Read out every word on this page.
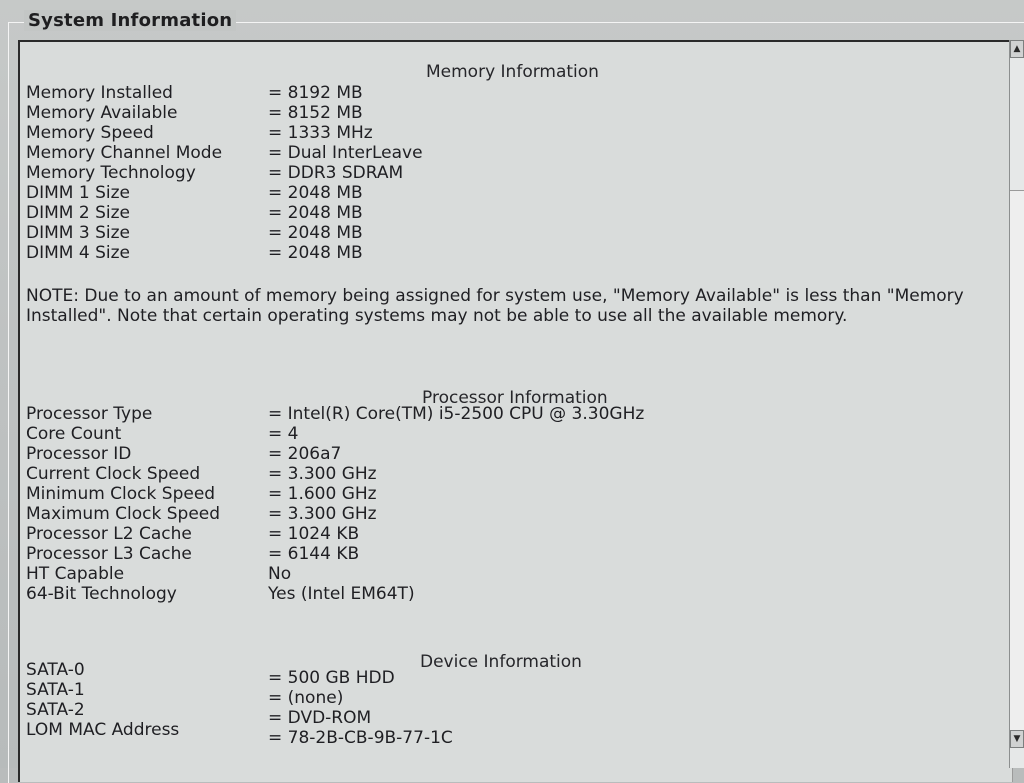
System Information
Memory Information
Memory Installed	= 8192 MB
Memory Available	= 8152 MB
Memory Speed	= 1333 MHz
Memory Channel Mode	= Dual InterLeave
Memory Technology	= DDR3 SDRAM
DIMM 1 Size	= 2048 MB
DIMM 2 Size	= 2048 MB
DIMM 3 Size	= 2048 MB
DIMM 4 Size	= 2048 MB
NOTE: Due to an amount of memory being assigned for system use, "Memory Available" is less than "Memory Installed". Note that certain operating systems may not be able to use all the available memory.
Processor Information
Processor Type	= Intel(R) Core(TM) i5-2500 CPU @ 3.30GHz
Core Count	= 4
Processor ID	= 206a7
Current Clock Speed	= 3.300 GHz
Minimum Clock Speed	= 1.600 GHz
Maximum Clock Speed	= 3.300 GHz
Processor L2 Cache	= 1024 KB
Processor L3 Cache	= 6144 KB
HT Capable	No
64-Bit Technology	Yes (Intel EM64T)
Device Information
SATA-0	= 500 GB HDD
SATA-1	= (none)
SATA-2	= DVD-ROM
LOM MAC Address	= 78-2B-CB-9B-77-1C
▲
▼
